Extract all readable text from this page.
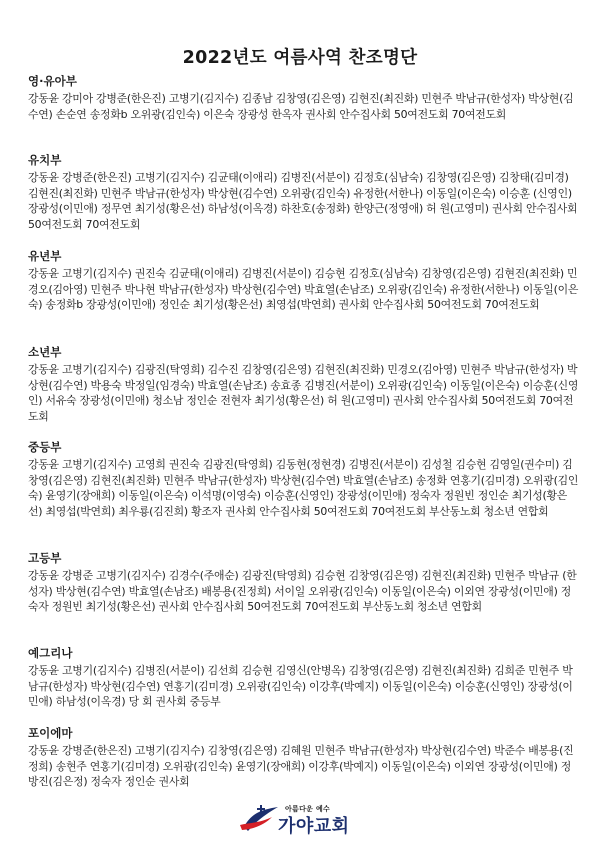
2022년도 여름사역 찬조명단
영·유아부
강동윤 강미아 강병준(한은진) 고병기(김지수) 김종남 김창영(김은영) 김현진(최진화) 민현주 박남규(한성자) 박상현(김수연) 손순연 송정화b 오위광(김인숙) 이은숙 장광성 한옥자 권사회 안수집사회 50여전도회 70여전도회
유치부
강동윤 강병준(한은진) 고병기(김지수) 김균태(이애리) 김병진(서분이) 김정호(심남숙) 김창영(김은영) 김창태(김미경) 김현진(최진화) 민현주 박남규(한성자) 박상현(김수연) 오위광(김인숙) 유정한(서한나) 이동일(이은숙) 이승훈 (신영인) 장광성(이민애) 정무연 최기성(황은선) 하남성(이옥경) 하찬호(송정화) 한양근(정영애) 허 원(고영미) 권사회 안수집사회 50여전도회 70여전도회
유년부
강동윤 고병기(김지수) 권진숙 김균태(이애리) 김병진(서분이) 김승현 김정호(심남숙) 김창영(김은영) 김현진(최진화) 민경오(김아영) 민현주 박나현 박남규(한성자) 박상현(김수연) 박효열(손남조) 오위광(김인숙) 유정한(서한나) 이동일(이은숙) 송정화b 장광성(이민애) 정인순 최기성(황은선) 최영섭(박연희) 권사회 안수집사회 50여전도회 70여전도회
소년부
강동윤 고병기(김지수) 김광진(탁영희) 김수진 김창영(김은영) 김현진(최진화) 민경오(김아영) 민현주 박남규(한성자) 박상현(김수연) 박용숙 박정일(임경숙) 박효열(손남조) 송효종 김병진(서분이) 오위광(김인숙) 이동일(이은숙) 이승훈(신영인) 서유숙 장광성(이민애) 청소남 정인순 전현자 최기성(황은선) 허 원(고영미) 권사회 안수집사회 50여전도회 70여전도회
중등부
강동윤 고병기(김지수) 고영희 권진숙 김광진(탁영희) 김동현(정현경) 김병진(서분이) 김성철 김승현 김영일(권수미) 김창영(김은영) 김현진(최진화) 민현주 박남규(한성자) 박상현(김수연) 박효열(손남조) 송정화 연홍기(김미경) 오위광(김인숙) 윤영기(장애희) 이동일(이은숙) 이석명(이영숙) 이승훈(신영인) 장광성(이민애) 정숙자 정원빈 정인순 최기성(황은선) 최영섭(박연희) 최우룡(김진희) 황조자 권사회 안수집사회 50여전도회 70여전도회 부산동노회 청소년 연합회
고등부
강동윤 강병준 고병기(김지수) 김경수(주애순) 김광진(탁영희) 김승현 김창영(김은영) 김현진(최진화) 민현주 박남규 (한성자) 박상현(김수연) 박효열(손남조) 배봉용(진정희) 서이일 오위광(김인숙) 이동일(이은숙) 이외연 장광성(이민애) 정숙자 정원빈 최기성(황은선) 권사회 안수집사회 50여전도회 70여전도회 부산동노회 청소년 연합회
예그리나
강동윤 고병기(김지수) 김병진(서분이) 김선희 김승현 김영신(안병옥) 김창영(김은영) 김현진(최진화) 김희준 민현주 박남규(한성자) 박상현(김수연) 연홍기(김미경) 오위광(김인숙) 이강후(박예지) 이동일(이은숙) 이승훈(신영인) 장광성(이민애) 하남성(이옥경) 당 회 권사회 중등부
포이에마
강동윤 강병준(한은진) 고병기(김지수) 김창영(김은영) 김혜원 민현주 박남규(한성자) 박상현(김수연) 박준수 배봉용(진정희) 송현주 연홍기(김미경) 오위광(김인숙) 윤영기(장애희) 이강후(박예지) 이동일(이은숙) 이외연 장광성(이민애) 정방진(김은정) 정숙자 정인순 권사회
아름다운 예수
가야교회
